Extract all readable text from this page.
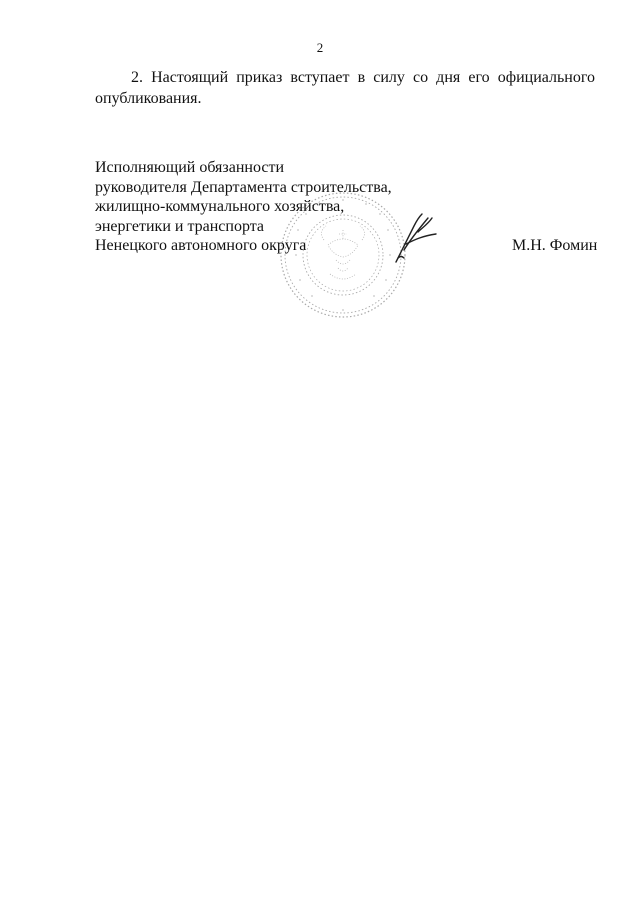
2

2. Настоящий приказ вступает в силу со дня его официального опубликования.

Исполняющий обязанности
руководителя Департамента строительства,
жилищно-коммунального хозяйства,
энергетики и транспорта
Ненецкого автономного округа	М.Н. Фомин
